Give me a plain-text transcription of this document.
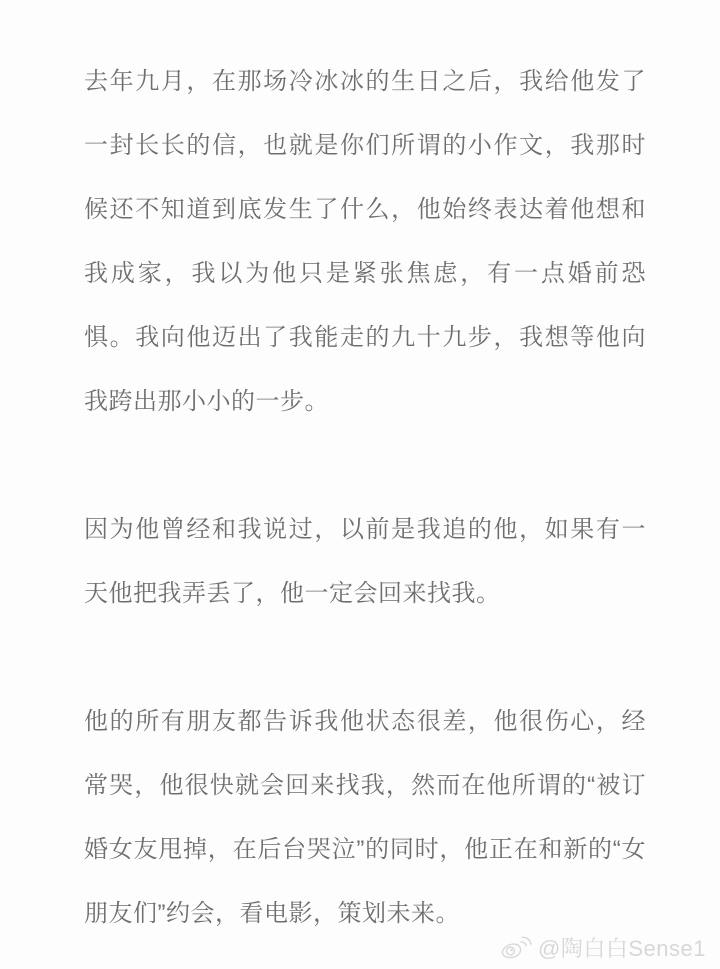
去年九月，在那场冷冰冰的生日之后，我给他发了一封长长的信，也就是你们所谓的小作文，我那时候还不知道到底发生了什么，他始终表达着他想和我成家，我以为他只是紧张焦虑，有一点婚前恐惧。我向他迈出了我能走的九十九步，我想等他向我跨出那小小的一步。

因为他曾经和我说过，以前是我追的他，如果有一天他把我弄丢了，他一定会回来找我。

他的所有朋友都告诉我他状态很差，他很伤心，经常哭，他很快就会回来找我，然而在他所谓的“被订婚女友甩掉，在后台哭泣”的同时，他正在和新的“女朋友们”约会，看电影，策划未来。

@陶白白Sense1
